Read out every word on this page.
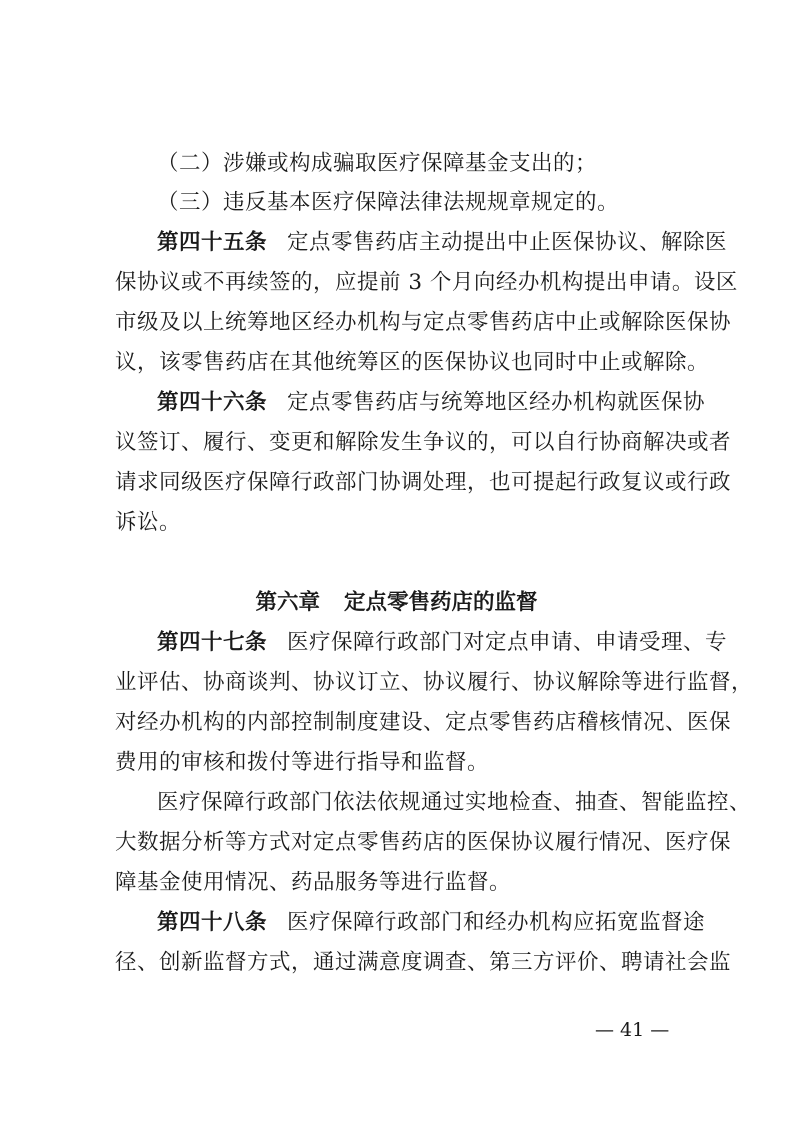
（二）涉嫌或构成骗取医疗保障基金支出的；
（三）违反基本医疗保障法律法规规章规定的。
第四十五条 定点零售药店主动提出中止医保协议、解除医
保协议或不再续签的，应提前 3 个月向经办机构提出申请。设区
市级及以上统筹地区经办机构与定点零售药店中止或解除医保协
议，该零售药店在其他统筹区的医保协议也同时中止或解除。
第四十六条 定点零售药店与统筹地区经办机构就医保协
议签订、履行、变更和解除发生争议的，可以自行协商解决或者
请求同级医疗保障行政部门协调处理，也可提起行政复议或行政
诉讼。
第六章 定点零售药店的监督
第四十七条 医疗保障行政部门对定点申请、申请受理、专
业评估、协商谈判、协议订立、协议履行、协议解除等进行监督，
对经办机构的内部控制制度建设、定点零售药店稽核情况、医保
费用的审核和拨付等进行指导和监督。
医疗保障行政部门依法依规通过实地检查、抽查、智能监控、
大数据分析等方式对定点零售药店的医保协议履行情况、医疗保
障基金使用情况、药品服务等进行监督。
第四十八条 医疗保障行政部门和经办机构应拓宽监督途
径、创新监督方式，通过满意度调查、第三方评价、聘请社会监
— 41 —
